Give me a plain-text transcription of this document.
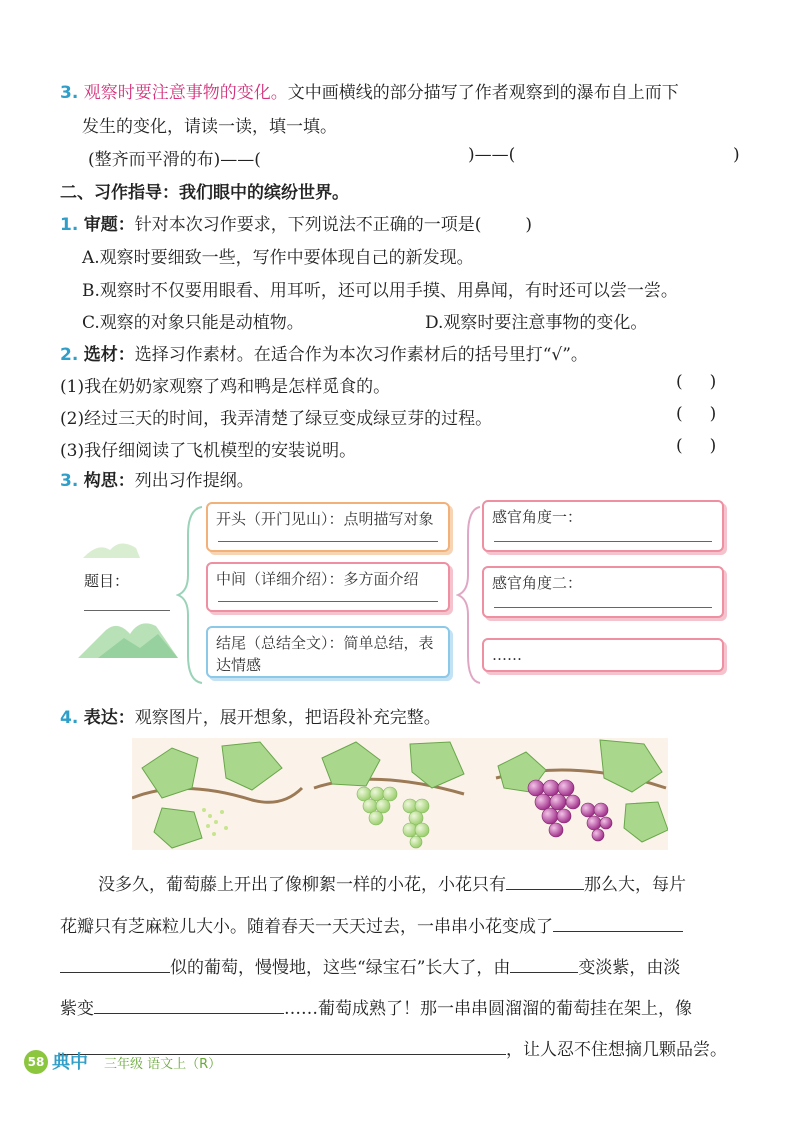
3. 观察时要注意事物的变化。文中画横线的部分描写了作者观察到的瀑布自上而下
发生的变化，请读一读，填一填。
(整齐而平滑的布)——(	)——(	)
二、习作指导：我们眼中的缤纷世界。
1. 审题：针对本次习作要求，下列说法不正确的一项是(	)
A.观察时要细致一些，写作中要体现自己的新发现。
B.观察时不仅要用眼看、用耳听，还可以用手摸、用鼻闻，有时还可以尝一尝。
C.观察的对象只能是动植物。	D.观察时要注意事物的变化。
2. 选材：选择习作素材。在适合作为本次习作素材后的括号里打“√”。
(1)我在奶奶家观察了鸡和鸭是怎样觅食的。	(     )
(2)经过三天的时间，我弄清楚了绿豆变成绿豆芽的过程。	(     )
(3)我仔细阅读了飞机模型的安装说明。	(     )
3. 构思：列出习作提纲。
题目：
开头（开门见山）：点明描写对象
中间（详细介绍）：多方面介绍
结尾（总结全文）：简单总结，表达情感
感官角度一：
感官角度二：
……
4. 表达：观察图片，展开想象，把语段补充完整。
没多久，葡萄藤上开出了像柳絮一样的小花，小花只有	那么大，每片
花瓣只有芝麻粒儿大小。随着春天一天天过去，一串串小花变成了
似的葡萄，慢慢地，这些“绿宝石”长大了，由	变淡紫，由淡
紫变	……葡萄成熟了！那一串串圆溜溜的葡萄挂在架上，像
，让人忍不住想摘几颗品尝。
58 典中 三年级 语文上（R）
